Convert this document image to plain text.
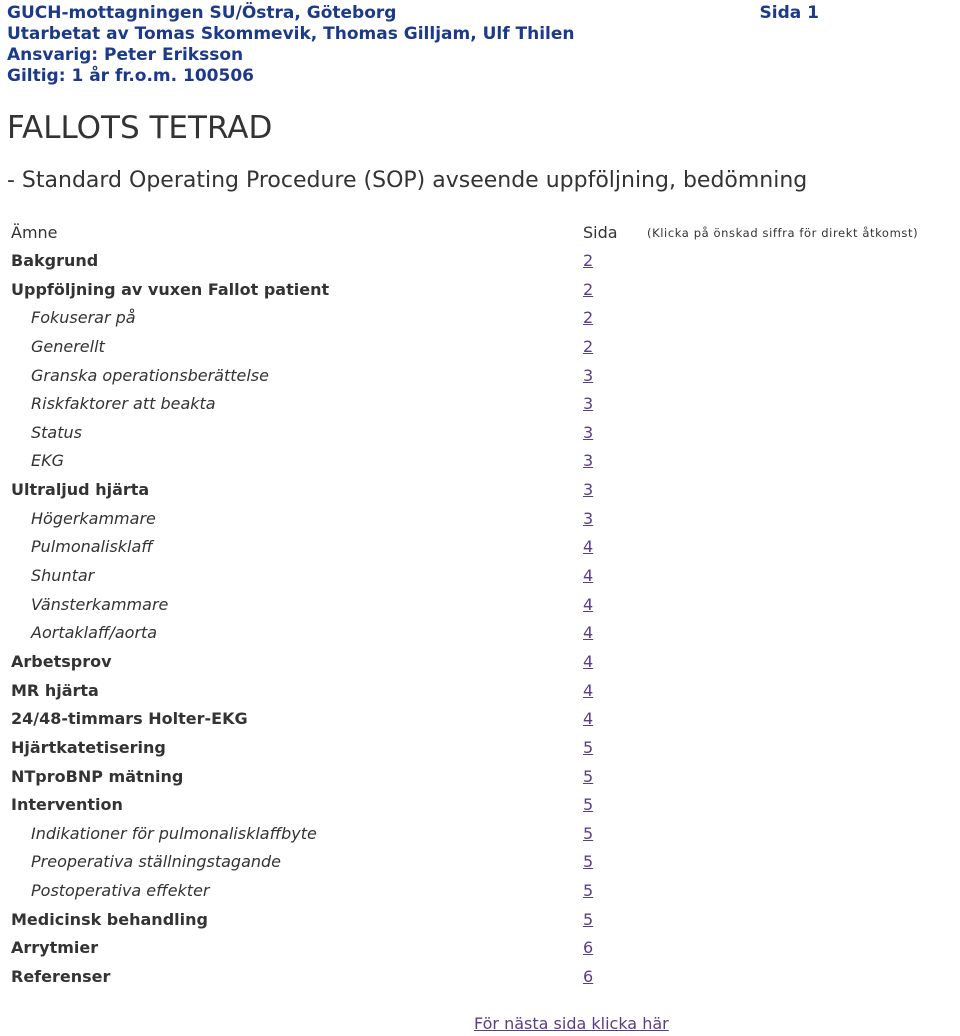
GUCH-mottagningen SU/Östra, Göteborg	Sida 1
Utarbetat av Tomas Skommevik, Thomas Gilljam, Ulf Thilen
Ansvarig: Peter Eriksson
Giltig: 1 år fr.o.m. 100506
FALLOTS TETRAD
- Standard Operating Procedure (SOP) avseende uppföljning, bedömning
Ämne	Sida	(Klicka på önskad siffra för direkt åtkomst)
Bakgrund	2
Uppföljning av vuxen Fallot patient	2
Fokuserar på	2
Generellt	2
Granska operationsberättelse	3
Riskfaktorer att beakta	3
Status	3
EKG	3
Ultraljud hjärta	3
Högerkammare	3
Pulmonalisklaff	4
Shuntar	4
Vänsterkammare	4
Aortaklaff/aorta	4
Arbetsprov	4
MR hjärta	4
24/48-timmars Holter-EKG	4
Hjärtkatetisering	5
NTproBNP mätning	5
Intervention	5
Indikationer för pulmonalisklaffbyte	5
Preoperativa ställningstagande	5
Postoperativa effekter	5
Medicinsk behandling	5
Arrytmier	6
Referenser	6
För nästa sida klicka här
